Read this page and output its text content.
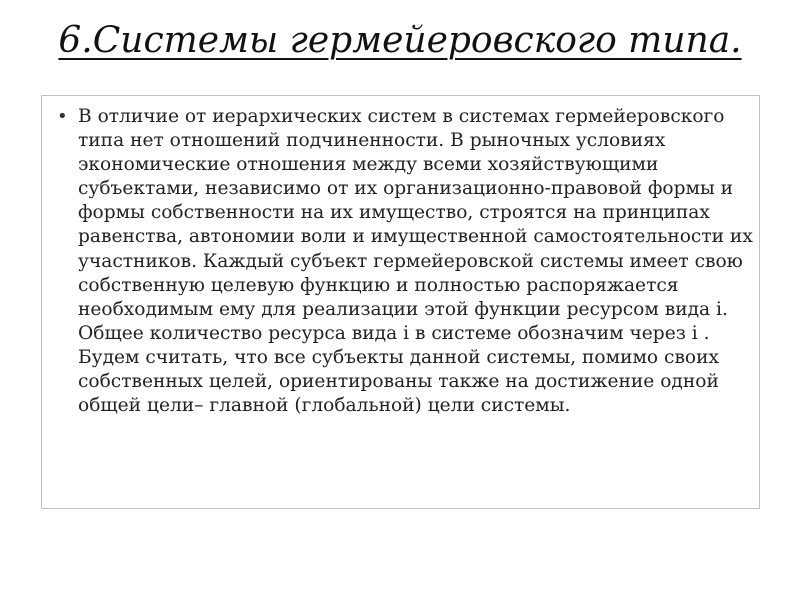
6.Системы гермейеровского типа.
• В отличие от иерархических систем в системах гермейеровского типа нет отношений подчиненности. В рыночных условиях экономические отношения между всеми хозяйствующими субъектами, независимо от их организационно-правовой формы и формы собственности на их имущество, строятся на принципах равенства, автономии воли и имущественной самостоятельности их участников. Каждый субъект гермейеровской системы имеет свою собственную целевую функцию и полностью распоряжается необходимым ему для реализации этой функции ресурсом вида i. Общее количество ресурса вида i в системе обозначим через i . Будем считать, что все субъекты данной системы, помимо своих собственных целей, ориентированы также на достижение одной общей цели– главной (глобальной) цели системы.
